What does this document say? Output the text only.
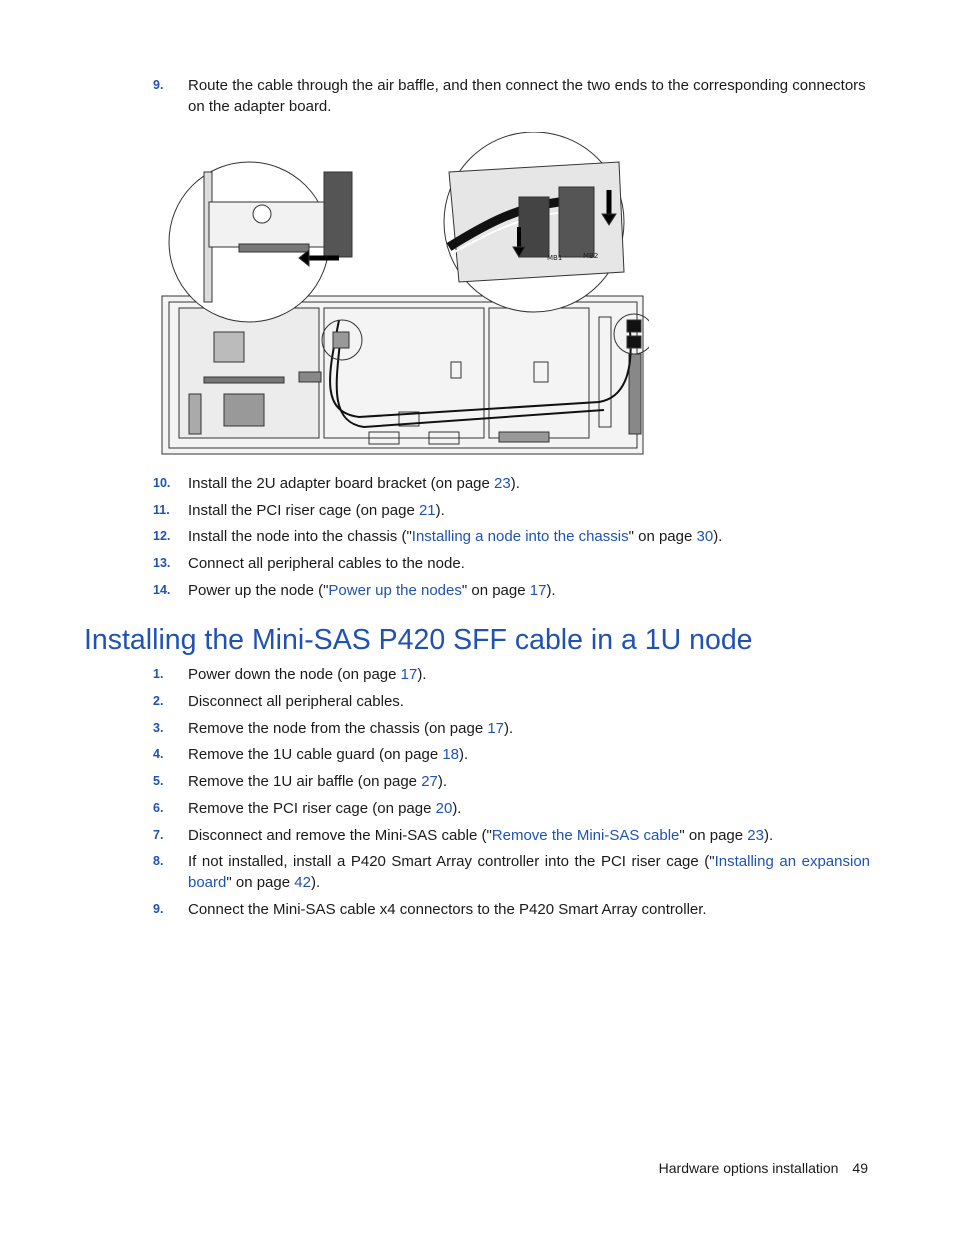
9. Route the cable through the air baffle, and then connect the two ends to the corresponding connectors on the adapter board.
MB1	MB2
10. Install the 2U adapter board bracket (on page 23).
11. Install the PCI riser cage (on page 21).
12. Install the node into the chassis ("Installing a node into the chassis" on page 30).
13. Connect all peripheral cables to the node.
14. Power up the node ("Power up the nodes" on page 17).
Installing the Mini-SAS P420 SFF cable in a 1U node
1. Power down the node (on page 17).
2. Disconnect all peripheral cables.
3. Remove the node from the chassis (on page 17).
4. Remove the 1U cable guard (on page 18).
5. Remove the 1U air baffle (on page 27).
6. Remove the PCI riser cage (on page 20).
7. Disconnect and remove the Mini-SAS cable ("Remove the Mini-SAS cable" on page 23).
8. If not installed, install a P420 Smart Array controller into the PCI riser cage ("Installing an expansion board" on page 42).
9. Connect the Mini-SAS cable x4 connectors to the P420 Smart Array controller.
Hardware options installation 49
